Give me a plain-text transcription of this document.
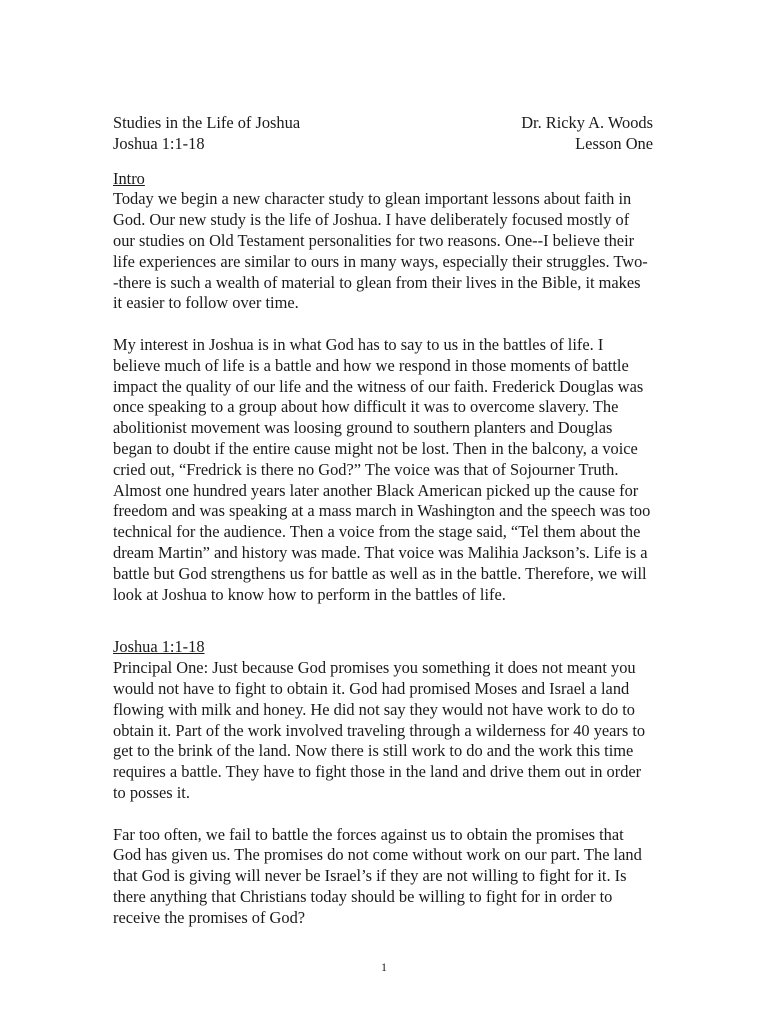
Studies in the Life of Joshua	Dr. Ricky A. Woods
Joshua 1:1-18	Lesson One
Intro

Today we begin a new character study to glean important lessons about faith in God. Our new study is the life of Joshua. I have deliberately focused mostly of our studies on Old Testament personalities for two reasons. One--I believe their life experiences are similar to ours in many ways, especially their struggles. Two--there is such a wealth of material to glean from their lives in the Bible, it makes it easier to follow over time.

My interest in Joshua is in what God has to say to us in the battles of life. I believe much of life is a battle and how we respond in those moments of battle impact the quality of our life and the witness of our faith. Frederick Douglas was once speaking to a group about how difficult it was to overcome slavery. The abolitionist movement was loosing ground to southern planters and Douglas began to doubt if the entire cause might not be lost. Then in the balcony, a voice cried out, “Fredrick is there no God?” The voice was that of Sojourner Truth. Almost one hundred years later another Black American picked up the cause for freedom and was speaking at a mass march in Washington and the speech was too technical for the audience. Then a voice from the stage said, “Tel them about the dream Martin” and history was made. That voice was Malihia Jackson’s. Life is a battle but God strengthens us for battle as well as in the battle. Therefore, we will look at Joshua to know how to perform in the battles of life.

Joshua 1:1-18

Principal One: Just because God promises you something it does not meant you would not have to fight to obtain it. God had promised Moses and Israel a land flowing with milk and honey. He did not say they would not have work to do to obtain it. Part of the work involved traveling through a wilderness for 40 years to get to the brink of the land. Now there is still work to do and the work this time requires a battle. They have to fight those in the land and drive them out in order to posses it.

Far too often, we fail to battle the forces against us to obtain the promises that God has given us. The promises do not come without work on our part. The land that God is giving will never be Israel’s if they are not willing to fight for it. Is there anything that Christians today should be willing to fight for in order to receive the promises of God?

1
